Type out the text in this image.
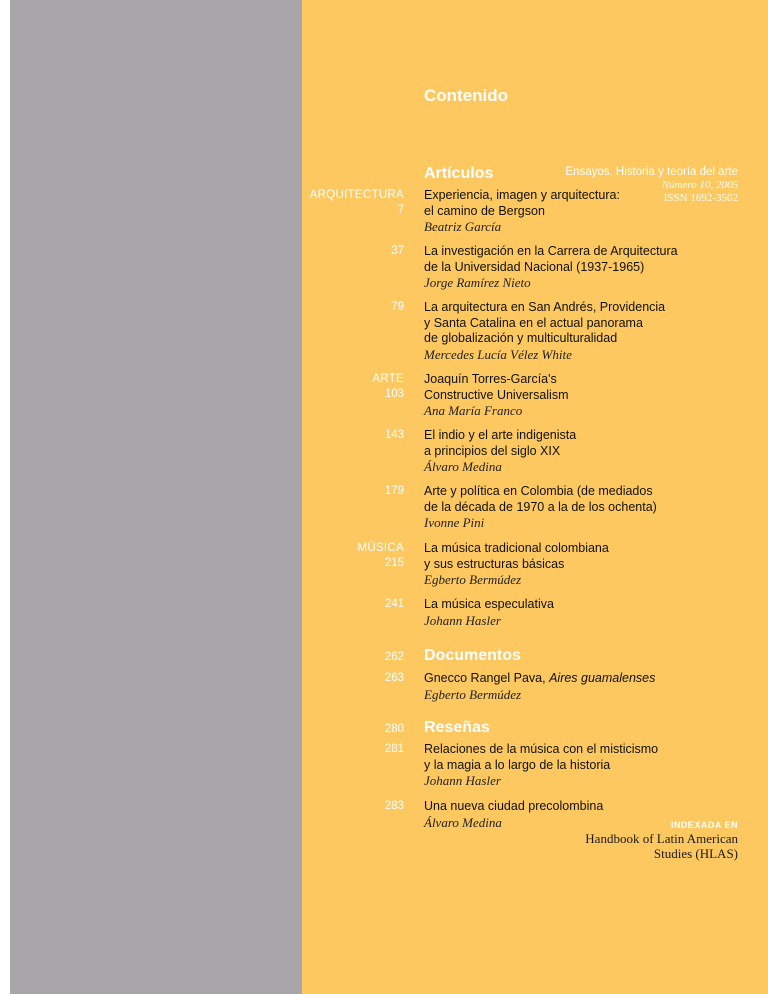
Ensayos. Historia y teoría del arte
Número 10, 2005
ISSN 1692-3502
INDEXADA EN
Handbook of Latin American
Studies (HLAS)
Contenido
Artículos
ARQUITECTURA
7
Experiencia, imagen y arquitectura:
el camino de Bergson
Beatriz García
37 La investigación en la Carrera de Arquitectura
de la Universidad Nacional (1937-1965)
Jorge Ramírez Nieto
79 La arquitectura en San Andrés, Providencia
y Santa Catalina en el actual panorama
de globalización y multiculturalidad
Mercedes Lucía Vélez White
ARTE
103
Joaquín Torres-García's
Constructive Universalism
Ana María Franco
143 El indio y el arte indigenista
a principios del siglo XIX
Álvaro Medina
179 Arte y política en Colombia (de mediados
de la década de 1970 a la de los ochenta)
Ivonne Pini
MÚSICA
215
La música tradicional colombiana
y sus estructuras básicas
Egberto Bermúdez
241 La música especulativa
Johann Hasler
262 Documentos
263 Gnecco Rangel Pava, Aires guamalenses
Egberto Bermúdez
280 Reseñas
281 Relaciones de la música con el misticismo
y la magia a lo largo de la historia
Johann Hasler
283 Una nueva ciudad precolombina
Álvaro Medina
